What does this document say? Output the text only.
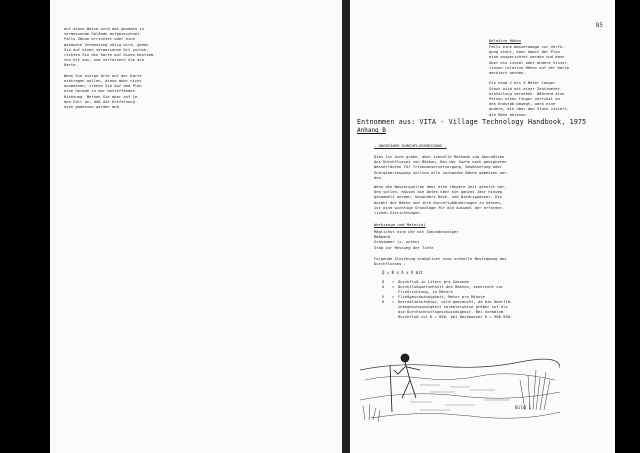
auf diese Weise wird das gesamte zu
vermessende Gelände aufgezeichnet.
Falls Zäune errichtet oder eine
genauere Vermessung nötig wird, gehen
Sie auf einen vermessenen Ort zurück,
richten Sie die Karte auf einen bestimm-
ten Ort aus, und verfeinern Sie die
Karte.

Wenn Sie einige Orte auf der Karte
eintragen wollen, diese aber nicht
ausmessen, ziehen Sie auf dem Plan
eine Gerade in der betreffenden
Richtung. Merken Sie aber auf je-
den Fall an, daß die Entfernung
noch gemessen werden muß.
85
Relative Höhen
Falls eine Wasserwaage zur Verfü-
gung steht, kann damit der Plan
eine ausgerichtet werden und dann
über ein Lineal oder andere Visier-
linien relative Höhen auf der Karte
markiert werden.

Ein etwa 2 bis 3 Meter langer
Stock wird mit einer Zentimeter-
einteilung versehen. Während eine
Person einen Finger vertikal an
den Endstab bewegt, wenn eine
andere, die über den Stock visiert,
die Höhe ablesen.
Entnommen aus: VITA - Village Technology Handbook, 1975
Anhang B
- UNGEFÄHRE DURCHFLUSSMESSUNG -
Dies ist eine grobe, aber schnelle Methode zum Abschätzen
des Durchflusses von Bächen. Bei der Suche nach geeigneten
Wasserläufen für Trinkwasserversorgung, Bewässerung oder
Energieerzeugung sollten alle vorhanden Bäche gemessen wer-
den.
Wenn die Wasserquellen über eine längere Zeit genutzt wer-
den sollen, müssen die Daten über ein ganzes Jahr hinweg
gesammelt werden, besonders Hoch- und Niedrigwasser. Die
Anzahl der Bäche und ihre Durchflußänderungen zu kennen,
ist eine wichtige Grundlage für die Auswahl der erforder-
lichen Einrichtungen.
Werkzeuge und Material
Möglichst eine Uhr mit Sekundenzeiger
Maßband
Schwimmer (s. unten)
Stab zur Messung der Tiefe
Folgende Gleichung ermöglicht eine schnelle Bestimmung des
Durchflusses :
Q = K x A x V mit
Q	= Durchfluß in Litern pro Sekunde
A	= Durchflußquerschnitt des Baches, senkrecht zur
Fließrichtung, in Metern
V	= Fließgeschwindigkeit, Meter pro Minute
K	= Korrektionsfaktor, wird gebraucht, da die Oberflä-
chengeschwindigkeit normalerweise größer ist als
die Durchschnittsgeschwindigkeit. Bei normalem
Durchfluß ist K = 850, bei Hochwasser K = 900-950.
Bild 1
